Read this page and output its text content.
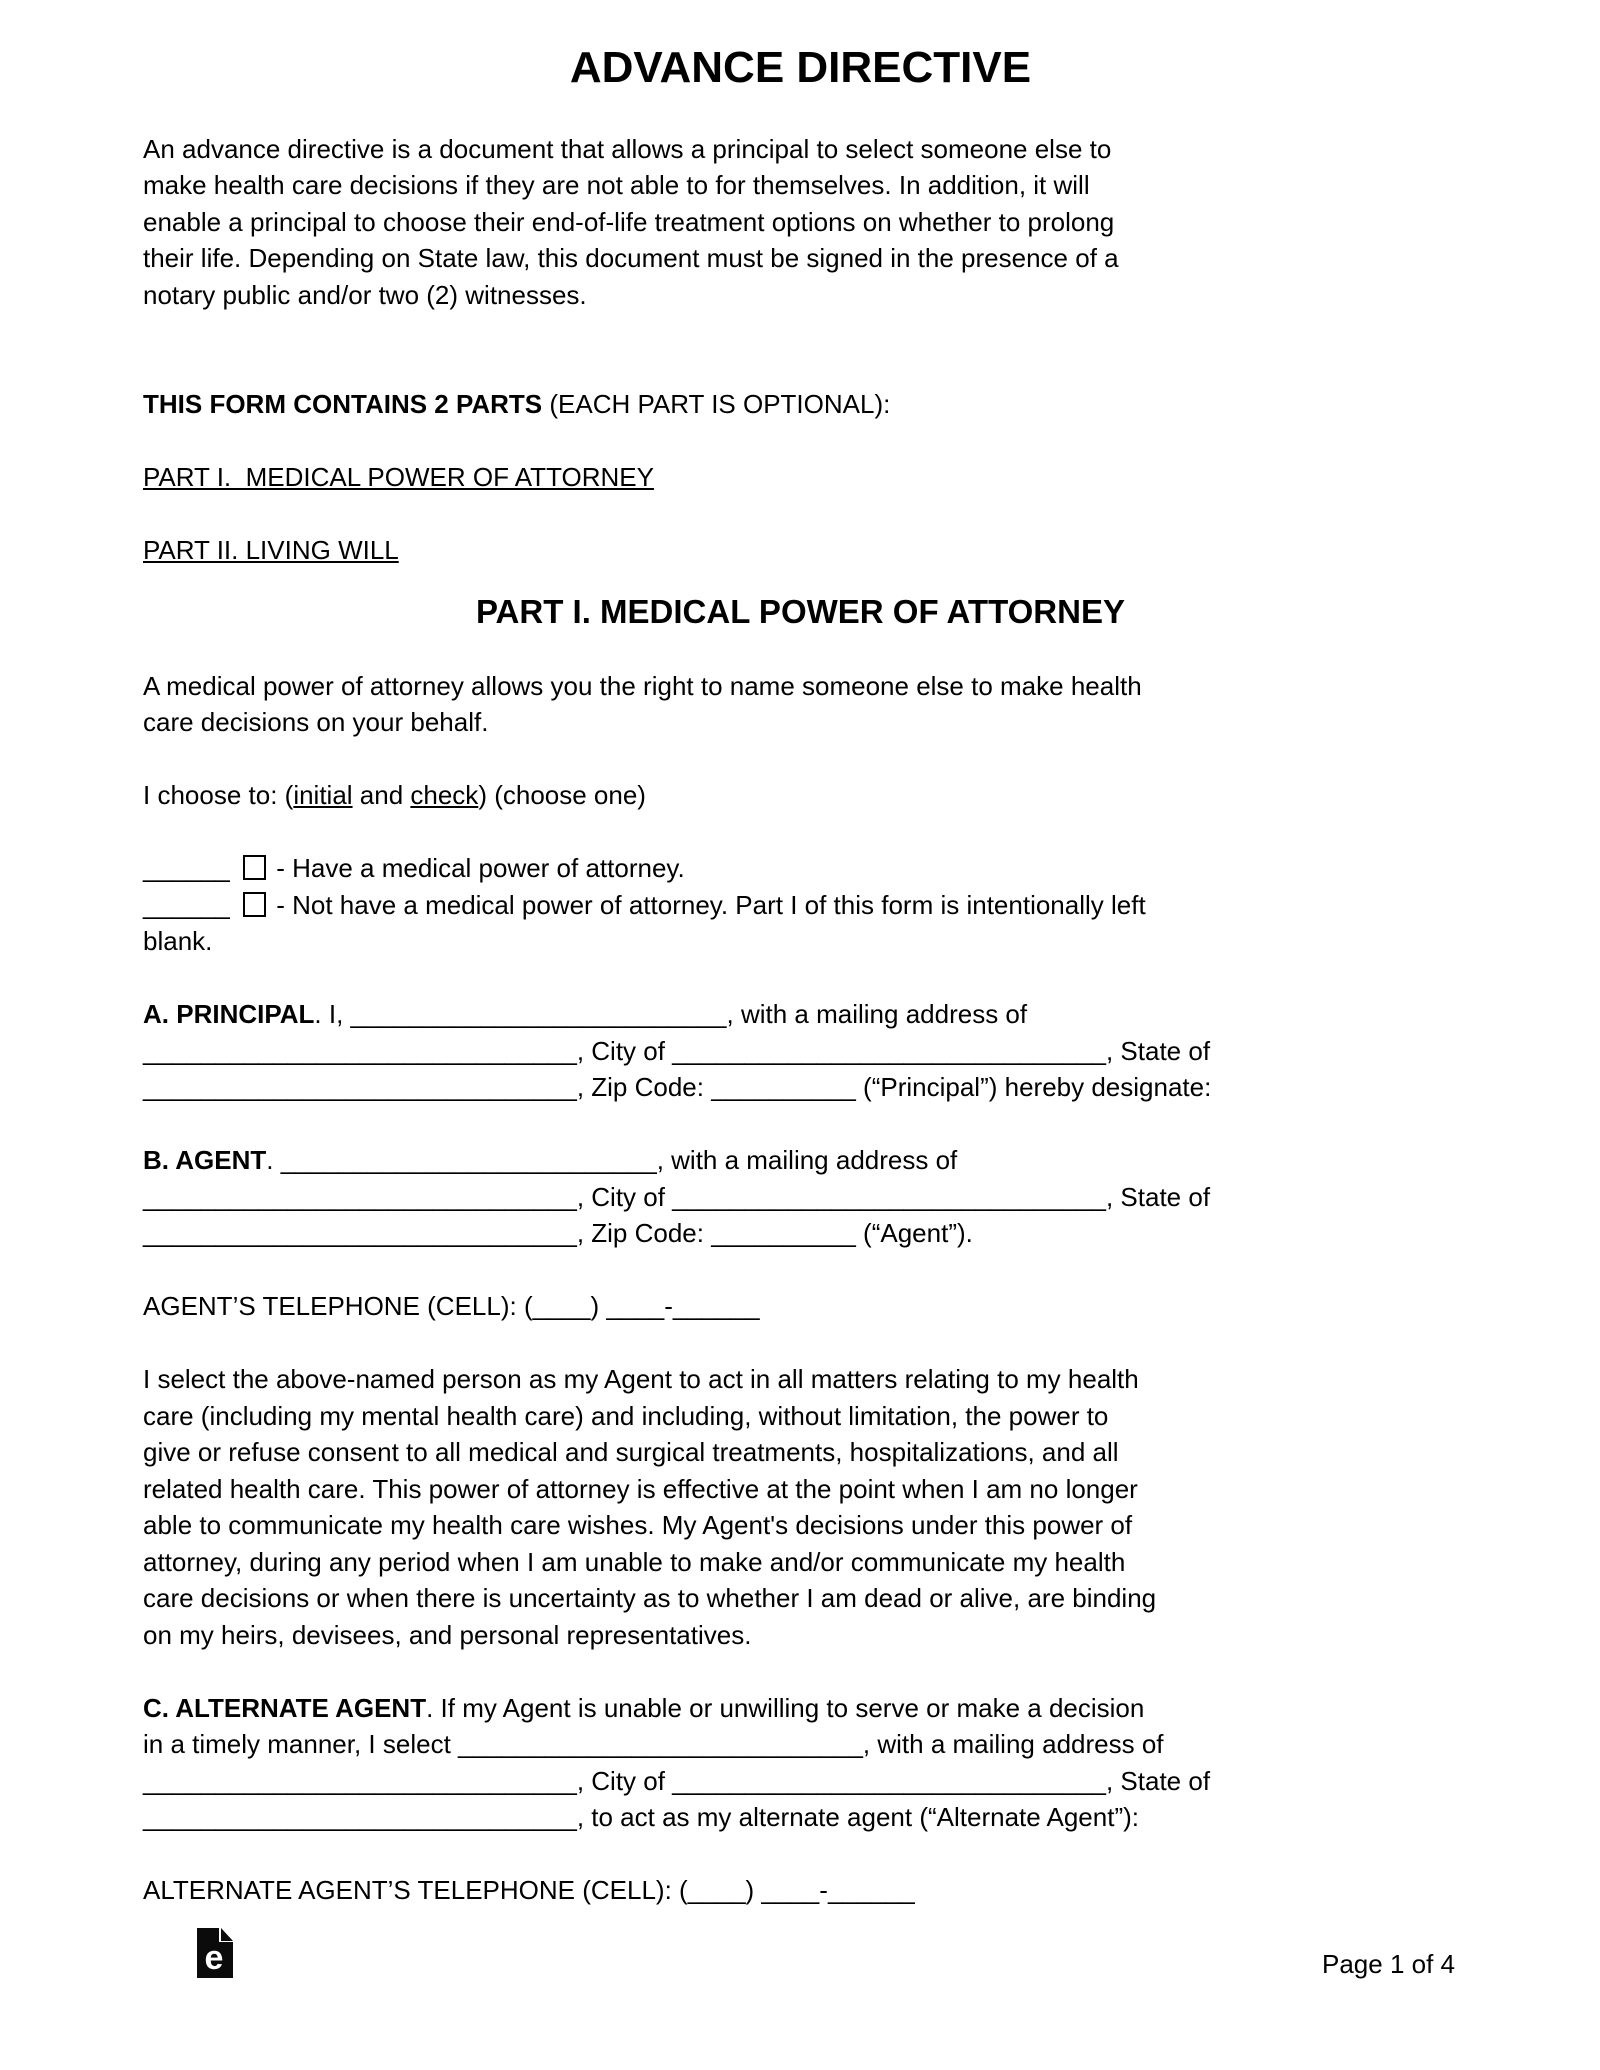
ADVANCE DIRECTIVE

An advance directive is a document that allows a principal to select someone else to
make health care decisions if they are not able to for themselves. In addition, it will
enable a principal to choose their end-of-life treatment options on whether to prolong
their life. Depending on State law, this document must be signed in the presence of a
notary public and/or two (2) witnesses.

THIS FORM CONTAINS 2 PARTS (EACH PART IS OPTIONAL):

PART I.  MEDICAL POWER OF ATTORNEY

PART II. LIVING WILL

PART I. MEDICAL POWER OF ATTORNEY

A medical power of attorney allows you the right to name someone else to make health
care decisions on your behalf.

I choose to: (initial and check) (choose one)

______  - Have a medical power of attorney.
______  - Not have a medical power of attorney. Part I of this form is intentionally left
blank.

A. PRINCIPAL. I, __________________________, with a mailing address of
______________________________, City of ______________________________, State of
______________________________, Zip Code: __________ (“Principal”) hereby designate:

B. AGENT. __________________________, with a mailing address of
______________________________, City of ______________________________, State of
______________________________, Zip Code: __________ (“Agent”).

AGENT’S TELEPHONE (CELL): (____) ____-______

I select the above-named person as my Agent to act in all matters relating to my health
care (including my mental health care) and including, without limitation, the power to
give or refuse consent to all medical and surgical treatments, hospitalizations, and all
related health care. This power of attorney is effective at the point when I am no longer
able to communicate my health care wishes. My Agent's decisions under this power of
attorney, during any period when I am unable to make and/or communicate my health
care decisions or when there is uncertainty as to whether I am dead or alive, are binding
on my heirs, devisees, and personal representatives.

C. ALTERNATE AGENT. If my Agent is unable or unwilling to serve or make a decision
in a timely manner, I select ____________________________, with a mailing address of
______________________________, City of ______________________________, State of
______________________________, to act as my alternate agent (“Alternate Agent”):

ALTERNATE AGENT’S TELEPHONE (CELL): (____) ____-______

e	Page 1 of 4
